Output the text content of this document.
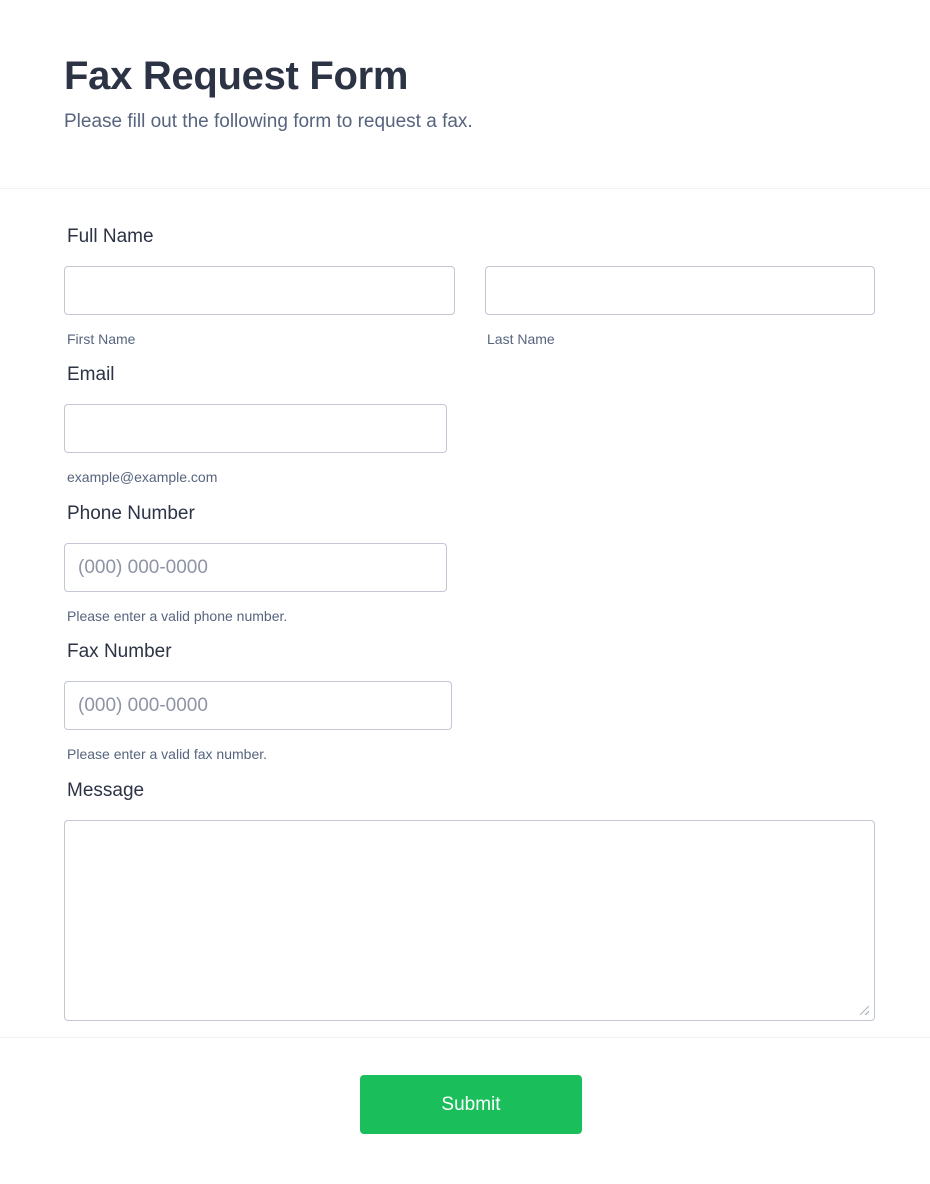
Fax Request Form
Please fill out the following form to request a fax.
Full Name
First Name	Last Name
Email
example@example.com
Phone Number
(000) 000-0000
Please enter a valid phone number.
Fax Number
(000) 000-0000
Please enter a valid fax number.
Message
Submit
